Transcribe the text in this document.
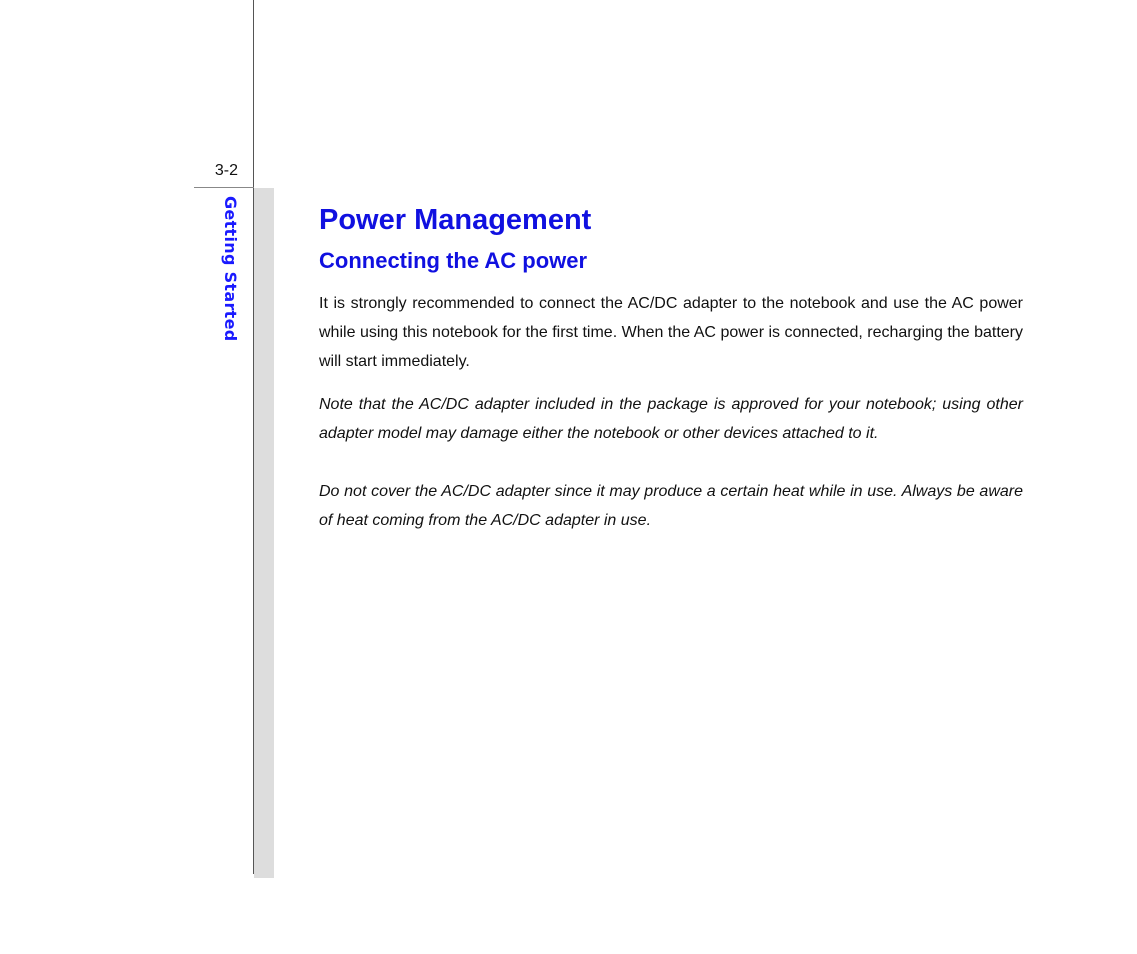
3-2
Getting Started	Power Management
Connecting the AC power

It is strongly recommended to connect the AC/DC adapter to the notebook and use the AC power while using this notebook for the first time. When the AC power is connected, recharging the battery will start immediately.

Note that the AC/DC adapter included in the package is approved for your notebook; using other adapter model may damage either the notebook or other devices attached to it.

Do not cover the AC/DC adapter since it may produce a certain heat while in use. Always be aware of heat coming from the AC/DC adapter in use.
